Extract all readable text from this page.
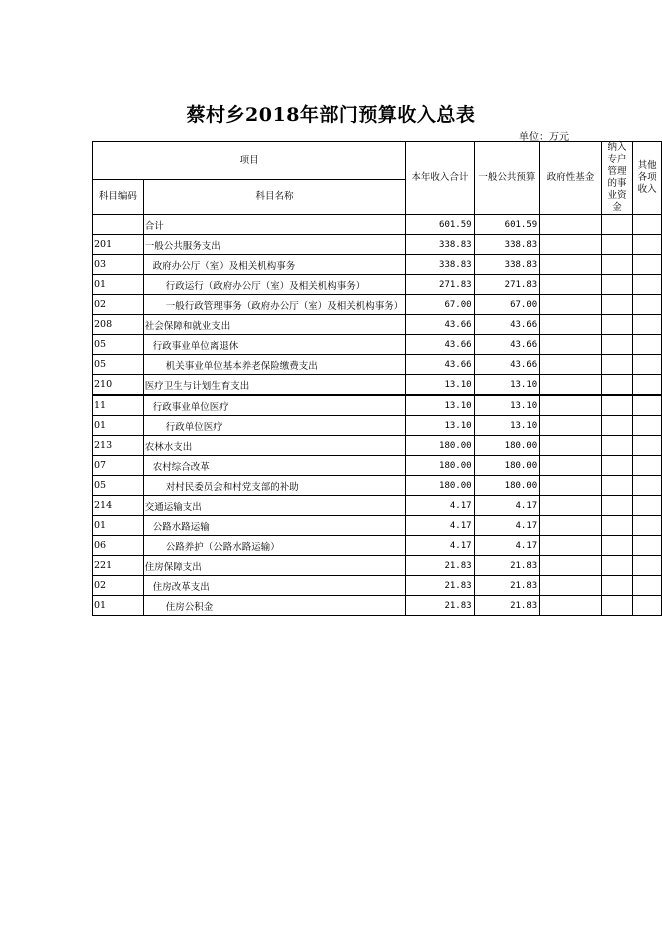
蔡村乡2018年部门预算收入总表
单位：万元
项目		本年收入合计	一般公共预算	政府性基金	纳入专户管理的事业资金	其他各项收入
科目编码	科目名称					
	合计	601.59	601.59			
201	一般公共服务支出	338.83	338.83			
03	政府办公厅（室）及相关机构事务	338.83	338.83			
01	行政运行（政府办公厅（室）及相关机构事务）	271.83	271.83			
02	一般行政管理事务（政府办公厅（室）及相关机构事务）	67.00	67.00			
208	社会保障和就业支出	43.66	43.66			
05	行政事业单位离退休	43.66	43.66			
05	机关事业单位基本养老保险缴费支出	43.66	43.66			
210	医疗卫生与计划生育支出	13.10	13.10			
11	行政事业单位医疗	13.10	13.10			
01	行政单位医疗	13.10	13.10			
213	农林水支出	180.00	180.00			
07	农村综合改革	180.00	180.00			
05	对村民委员会和村党支部的补助	180.00	180.00			
214	交通运输支出	4.17	4.17			
01	公路水路运输	4.17	4.17			
06	公路养护（公路水路运输）	4.17	4.17			
221	住房保障支出	21.83	21.83			
02	住房改革支出	21.83	21.83			
01	住房公积金	21.83	21.83			
